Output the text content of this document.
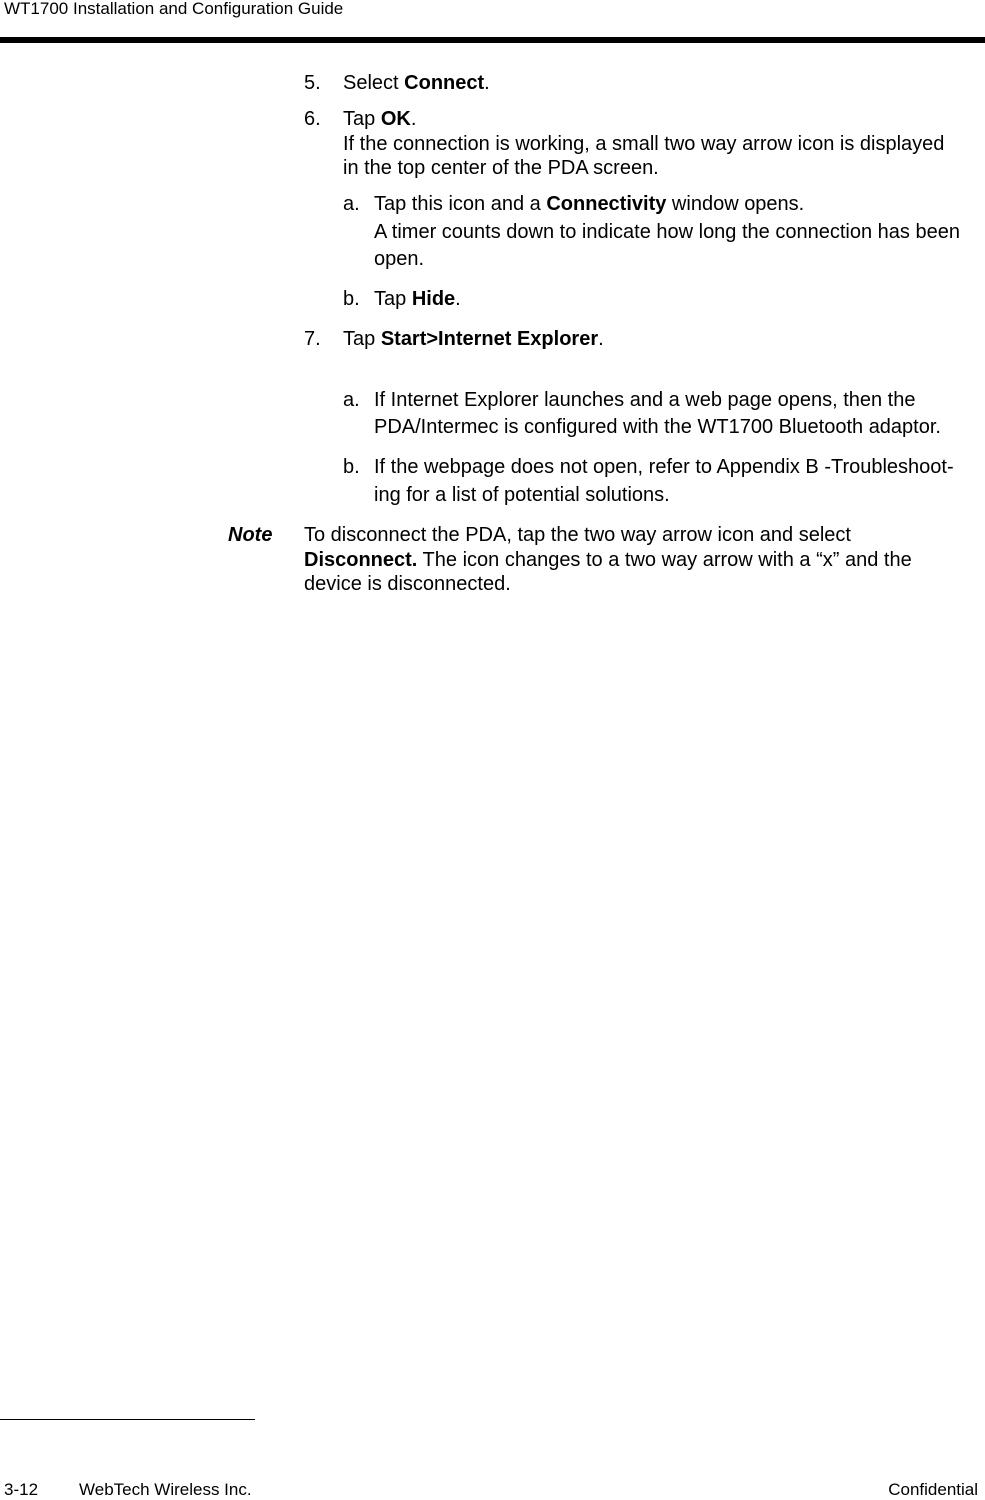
WT1700 Installation and Configuration Guide
5. Select Connect.
6. Tap OK.
If the connection is working, a small two way arrow icon is displayed
in the top center of the PDA screen.
a. Tap this icon and a Connectivity window opens.
A timer counts down to indicate how long the connection has been
open.
b. Tap Hide.
7. Tap Start>Internet Explorer.
a. If Internet Explorer launches and a web page opens, then the
PDA/Intermec is configured with the WT1700 Bluetooth adaptor.
b. If the webpage does not open, refer to Appendix B -Troubleshoot-
ing for a list of potential solutions.
Note To disconnect the PDA, tap the two way arrow icon and select
Disconnect. The icon changes to a two way arrow with a “x” and the
device is disconnected.
3-12 WebTech Wireless Inc.	Confidential
